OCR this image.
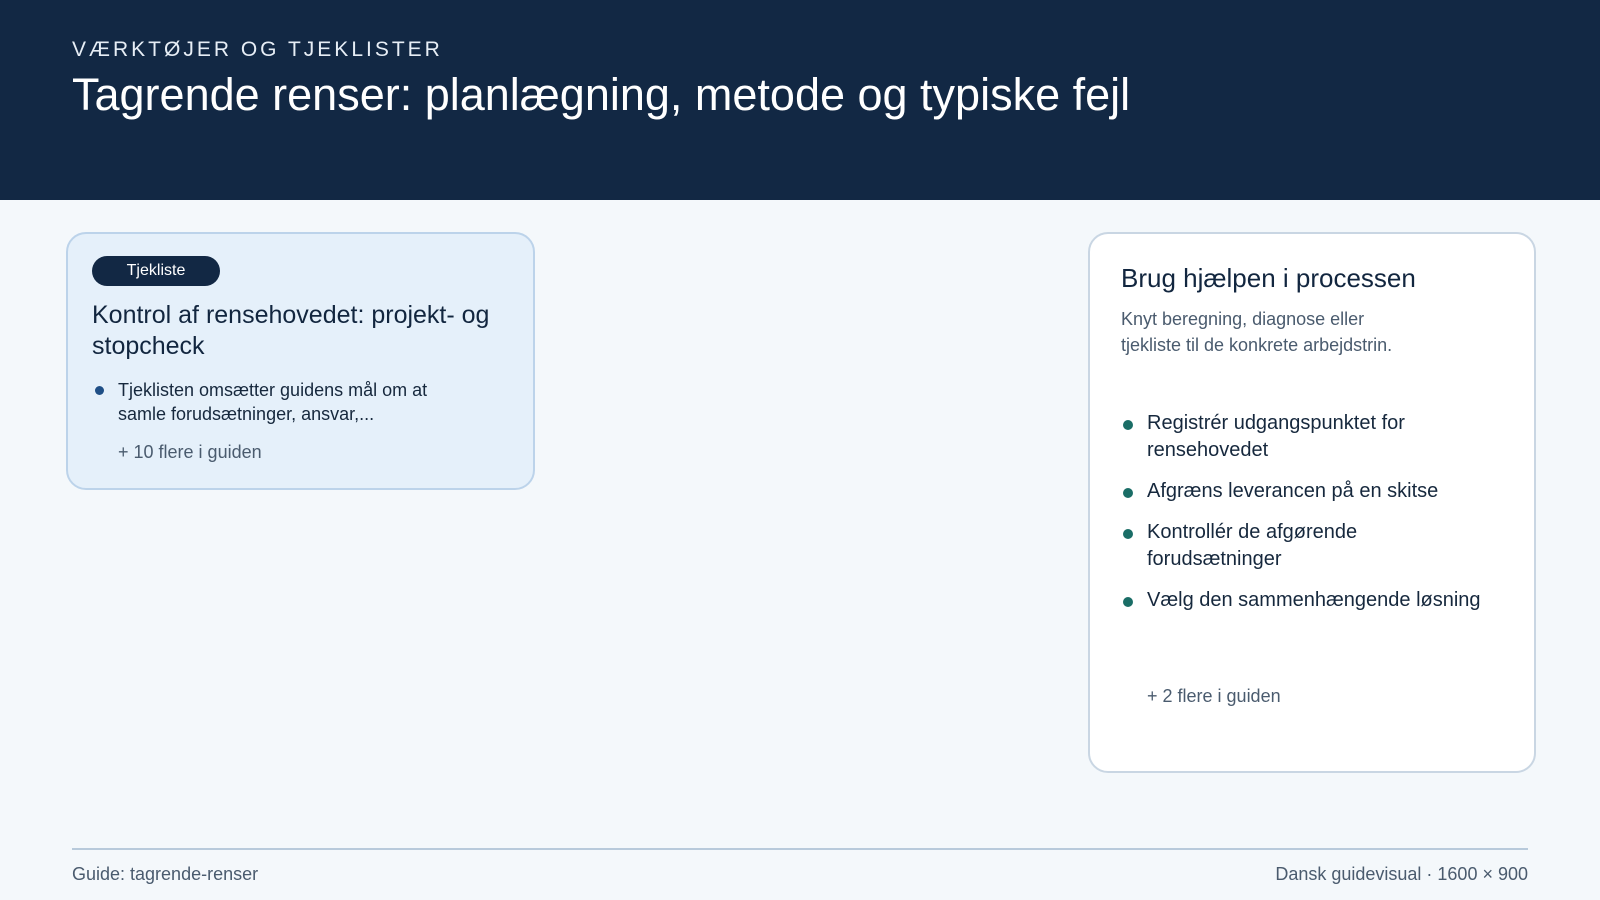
VÆRKTØJER OG TJEKLISTER
Tagrende renser: planlægning, metode og typiske fejl
Tjekliste
Kontrol af rensehovedet: projekt- og stopcheck
Tjeklisten omsætter guidens mål om at samle forudsætninger, ansvar,...
+ 10 flere i guiden
Brug hjælpen i processen
Knyt beregning, diagnose eller tjekliste til de konkrete arbejdstrin.
Registrér udgangspunktet for rensehovedet
Afgræns leverancen på en skitse
Kontrollér de afgørende forudsætninger
Vælg den sammenhængende løsning
+ 2 flere i guiden
Guide: tagrende-renser	Dansk guidevisual · 1600 × 900
